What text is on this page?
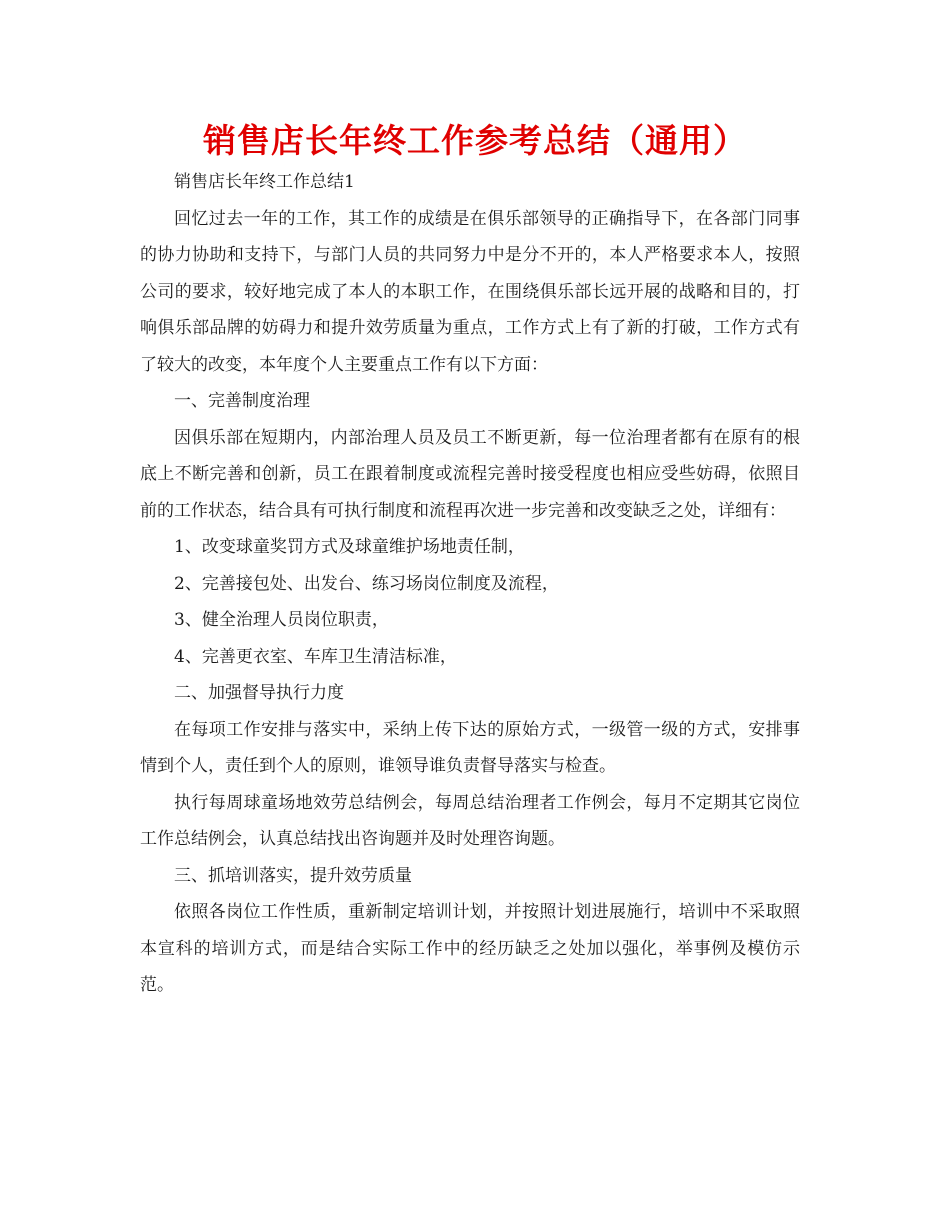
销售店长年终工作参考总结（通用）

销售店长年终工作总结1

回忆过去一年的工作，其工作的成绩是在俱乐部领导的正确指导下，在各部门同事的协力协助和支持下，与部门人员的共同努力中是分不开的，本人严格要求本人，按照公司的要求，较好地完成了本人的本职工作，在围绕俱乐部长远开展的战略和目的，打响俱乐部品牌的妨碍力和提升效劳质量为重点，工作方式上有了新的打破，工作方式有了较大的改变，本年度个人主要重点工作有以下方面：

一、完善制度治理

因俱乐部在短期内，内部治理人员及员工不断更新，每一位治理者都有在原有的根底上不断完善和创新，员工在跟着制度或流程完善时接受程度也相应受些妨碍，依照目前的工作状态，结合具有可执行制度和流程再次进一步完善和改变缺乏之处，详细有：

1、改变球童奖罚方式及球童维护场地责任制，

2、完善接包处、出发台、练习场岗位制度及流程，

3、健全治理人员岗位职责，

4、完善更衣室、车库卫生清洁标准，

二、加强督导执行力度

在每项工作安排与落实中，采纳上传下达的原始方式，一级管一级的方式，安排事情到个人，责任到个人的原则，谁领导谁负责督导落实与检查。

执行每周球童场地效劳总结例会，每周总结治理者工作例会，每月不定期其它岗位工作总结例会，认真总结找出咨询题并及时处理咨询题。

三、抓培训落实，提升效劳质量

依照各岗位工作性质，重新制定培训计划，并按照计划进展施行，培训中不采取照本宣科的培训方式，而是结合实际工作中的经历缺乏之处加以强化，举事例及模仿示范。
